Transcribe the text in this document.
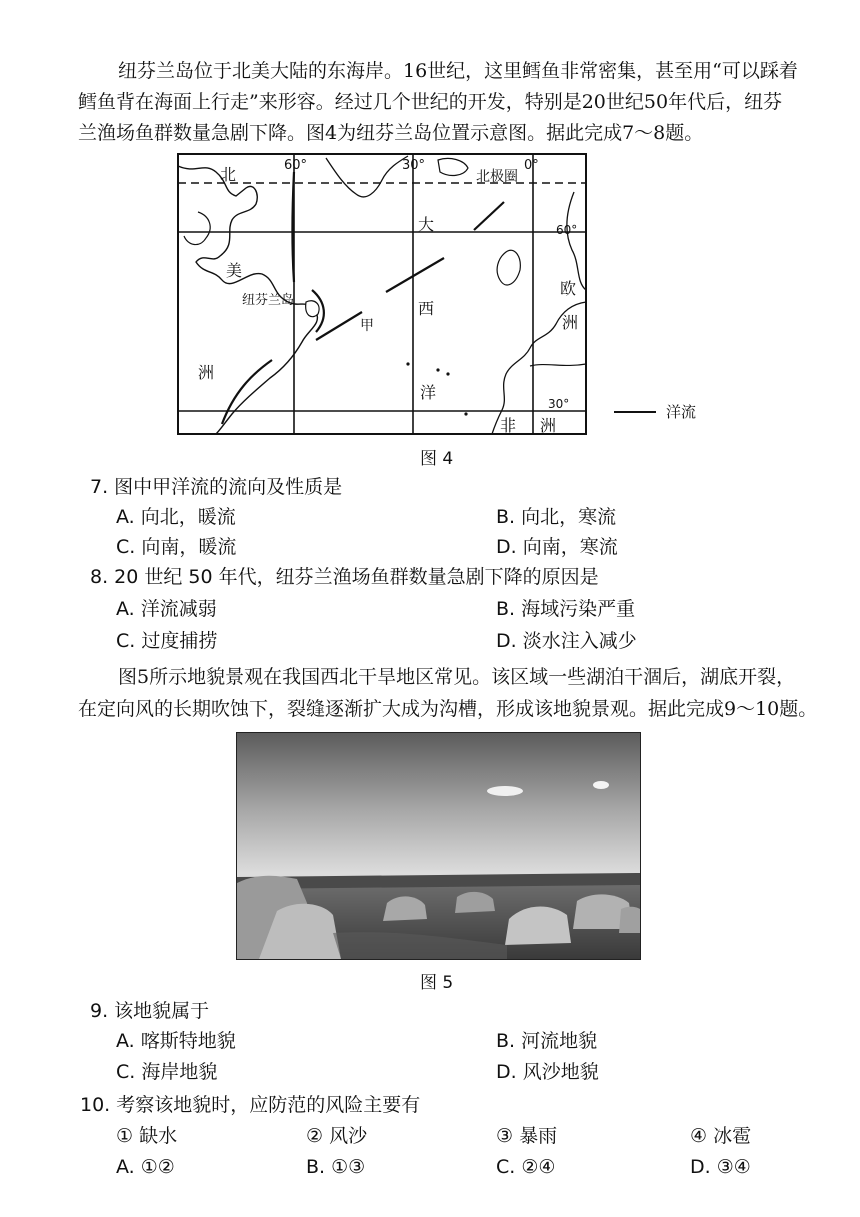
纽芬兰岛位于北美大陆的东海岸。16世纪，这里鳕鱼非常密集，甚至用“可以踩着
鳕鱼背在海面上行走”来形容。经过几个世纪的开发，特别是20世纪50年代后，纽芬
兰渔场鱼群数量急剧下降。图4为纽芬兰岛位置示意图。据此完成7～8题。
60°	30°	0°
北极圈
60°
30°
北
美
洲
纽芬兰岛
甲
大
西
洋
欧
洲
非 洲
洋流
图 4
7. 图中甲洋流的流向及性质是
A. 向北，暖流	B. 向北，寒流
C. 向南，暖流	D. 向南，寒流
8. 20 世纪 50 年代，纽芬兰渔场鱼群数量急剧下降的原因是
A. 洋流减弱	B. 海域污染严重
C. 过度捕捞	D. 淡水注入减少
图5所示地貌景观在我国西北干旱地区常见。该区域一些湖泊干涸后，湖底开裂，
在定向风的长期吹蚀下，裂缝逐渐扩大成为沟槽，形成该地貌景观。据此完成9～10题。
图 5
9. 该地貌属于
A. 喀斯特地貌	B. 河流地貌
C. 海岸地貌	D. 风沙地貌
10. 考察该地貌时，应防范的风险主要有
① 缺水	② 风沙	③ 暴雨	④ 冰雹
A. ①②	B. ①③	C. ②④	D. ③④
